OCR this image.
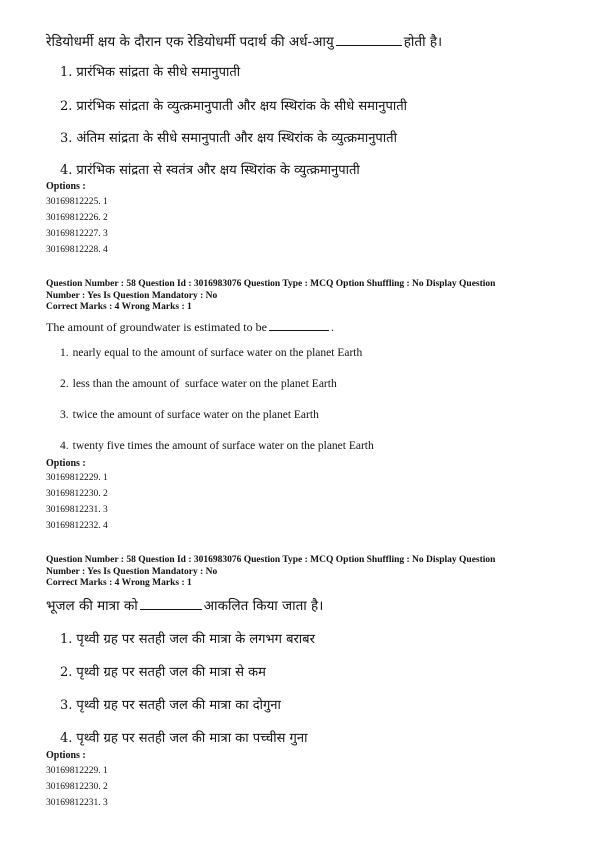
रेडियोधर्मी क्षय के दौरान एक रेडियोधर्मी पदार्थ की अर्ध-आयु	होती है।
1. प्रारंभिक सांद्रता के सीधे समानुपाती
2. प्रारंभिक सांद्रता के व्युत्क्रमानुपाती और क्षय स्थिरांक के सीधे समानुपाती
3. अंतिम सांद्रता के सीधे समानुपाती और क्षय स्थिरांक के व्युत्क्रमानुपाती
4. प्रारंभिक सांद्रता से स्वतंत्र और क्षय स्थिरांक के व्युत्क्रमानुपाती
Options :
30169812225. 1
30169812226. 2
30169812227. 3
30169812228. 4
Question Number : 58 Question Id : 3016983076 Question Type : MCQ Option Shuffling : No Display Question
Number : Yes Is Question Mandatory : No
Correct Marks : 4 Wrong Marks : 1
The amount of groundwater is estimated to be	.
1. nearly equal to the amount of surface water on the planet Earth
2. less than the amount of  surface water on the planet Earth
3. twice the amount of surface water on the planet Earth
4. twenty five times the amount of surface water on the planet Earth
Options :
30169812229. 1
30169812230. 2
30169812231. 3
30169812232. 4
Question Number : 58 Question Id : 3016983076 Question Type : MCQ Option Shuffling : No Display Question
Number : Yes Is Question Mandatory : No
Correct Marks : 4 Wrong Marks : 1
भूजल की मात्रा को	आकलित किया जाता है।
1. पृथ्वी ग्रह पर सतही जल की मात्रा के लगभग बराबर
2. पृथ्वी ग्रह पर सतही जल की मात्रा से कम
3. पृथ्वी ग्रह पर सतही जल की मात्रा का दोगुना
4. पृथ्वी ग्रह पर सतही जल की मात्रा का पच्चीस गुना
Options :
30169812229. 1
30169812230. 2
30169812231. 3
